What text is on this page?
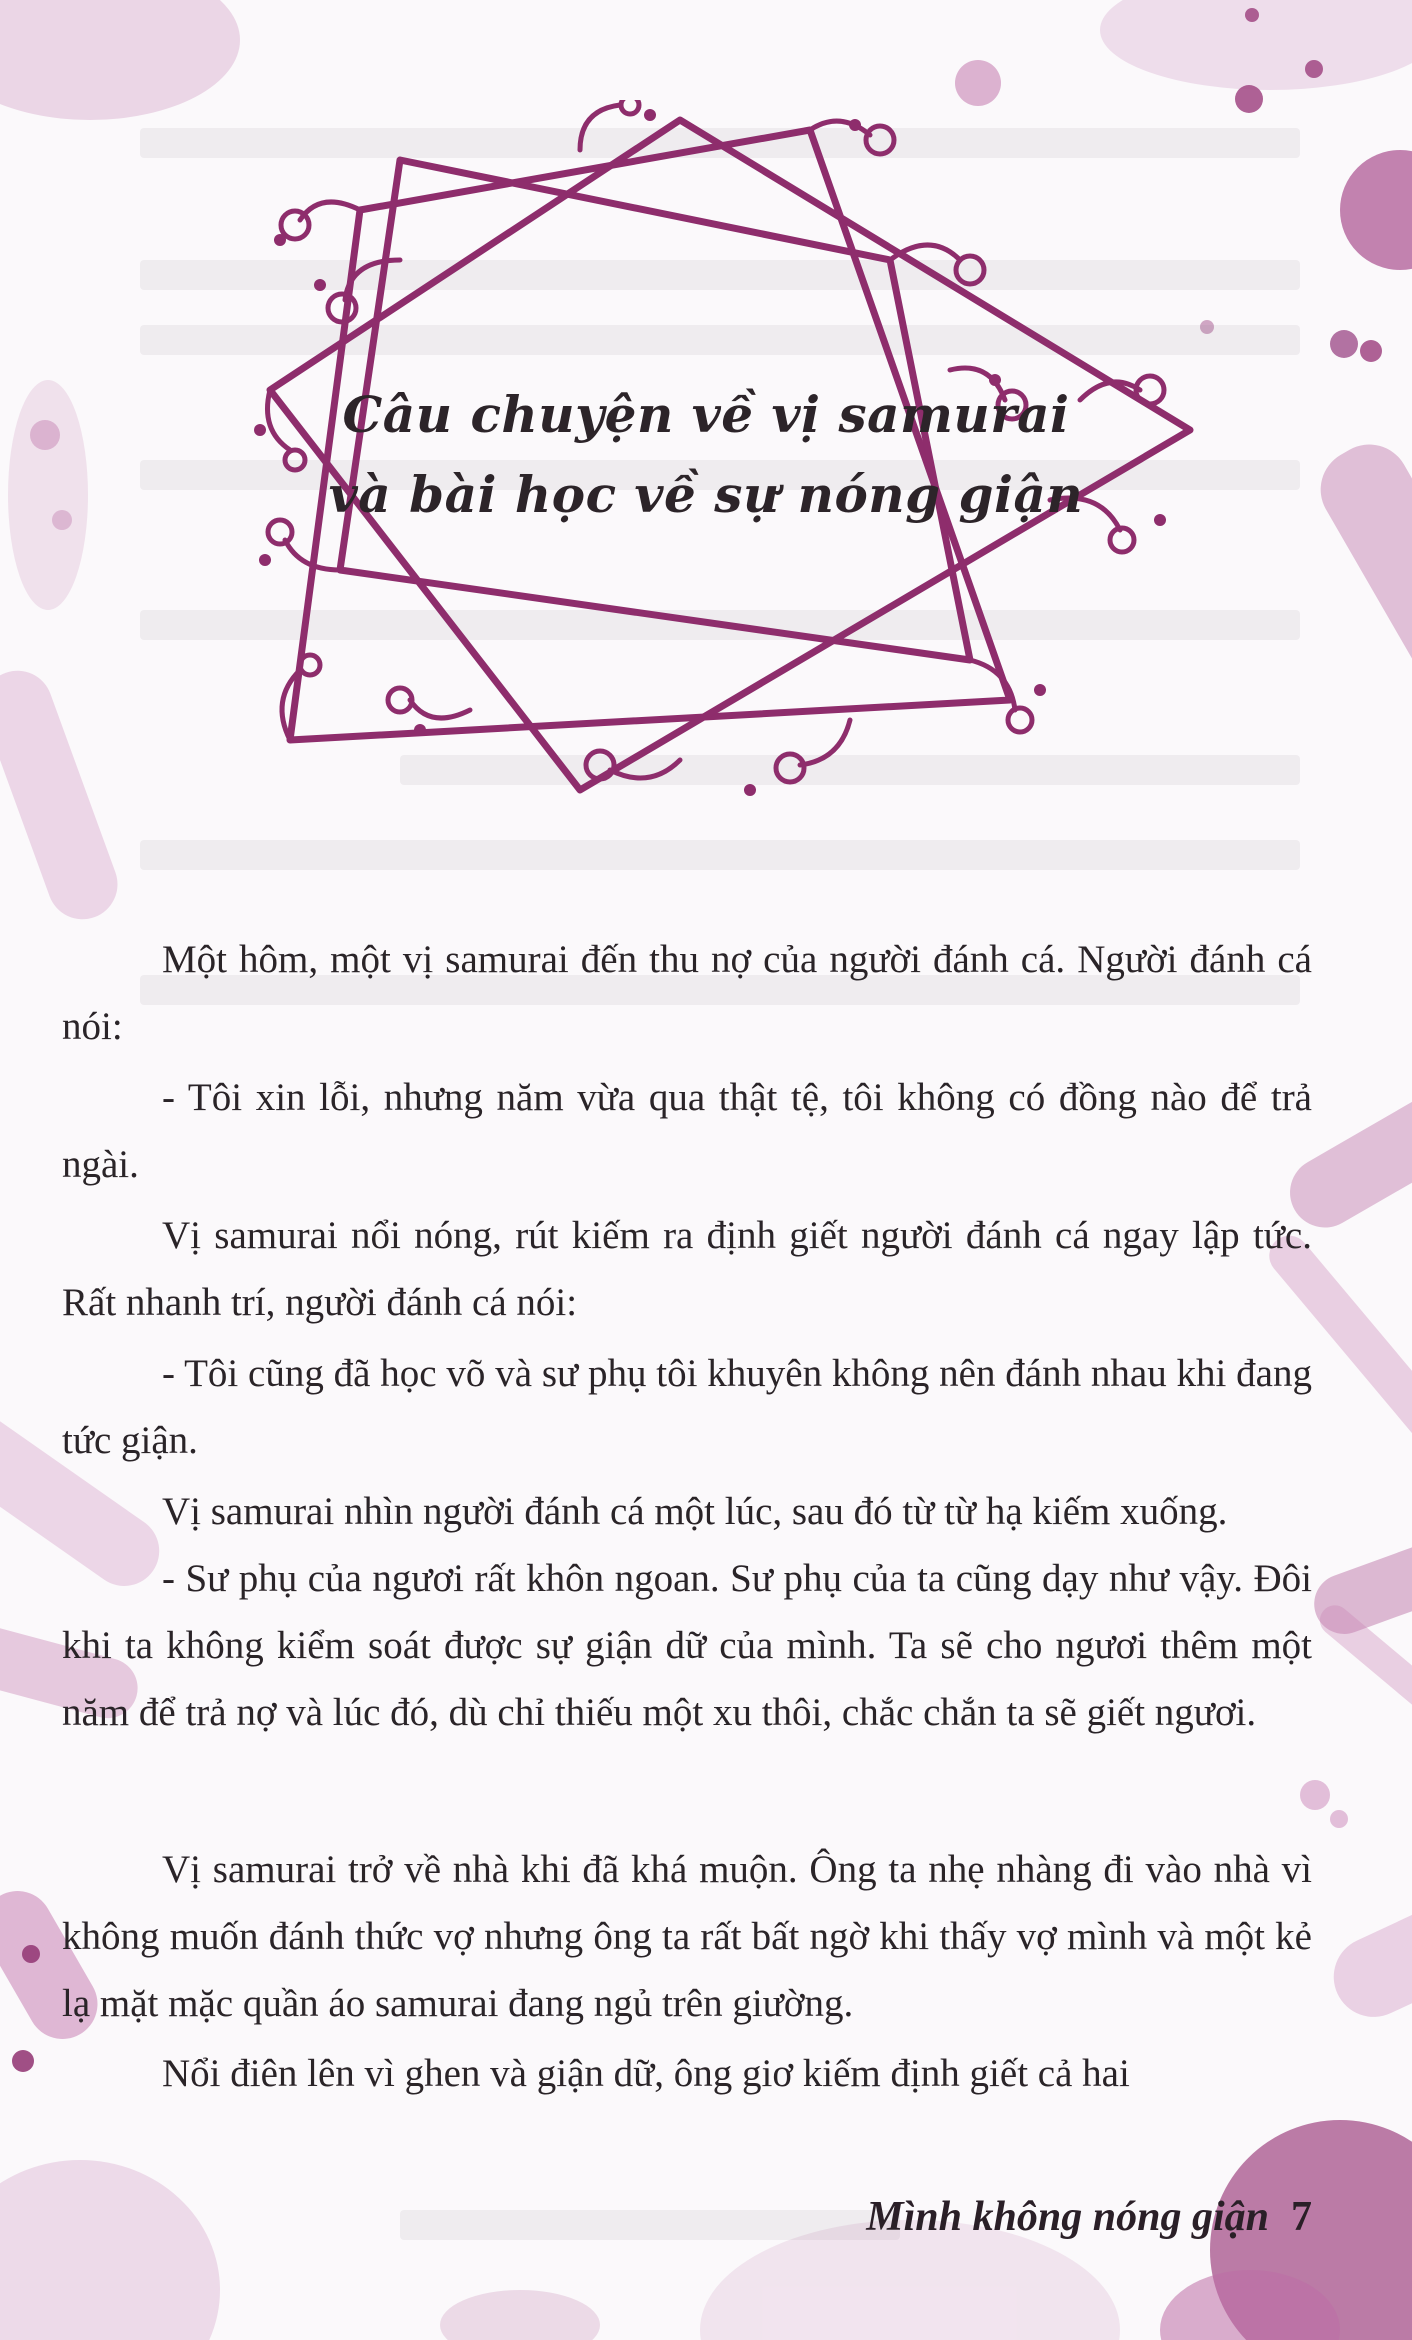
Câu chuyện về vị samurai
và bài học về sự nóng giận

Một hôm, một vị samurai đến thu nợ của người đánh cá. Người đánh cá nói:

- Tôi xin lỗi, nhưng năm vừa qua thật tệ, tôi không có đồng nào để trả ngài.

Vị samurai nổi nóng, rút kiếm ra định giết người đánh cá ngay lập tức. Rất nhanh trí, người đánh cá nói:

- Tôi cũng đã học võ và sư phụ tôi khuyên không nên đánh nhau khi đang tức giận.

Vị samurai nhìn người đánh cá một lúc, sau đó từ từ hạ kiếm xuống.

- Sư phụ của ngươi rất khôn ngoan. Sư phụ của ta cũng dạy như vậy. Đôi khi ta không kiểm soát được sự giận dữ của mình. Ta sẽ cho ngươi thêm một năm để trả nợ và lúc đó, dù chỉ thiếu một xu thôi, chắc chắn ta sẽ giết ngươi.

Vị samurai trở về nhà khi đã khá muộn. Ông ta nhẹ nhàng đi vào nhà vì không muốn đánh thức vợ nhưng ông ta rất bất ngờ khi thấy vợ mình và một kẻ lạ mặt mặc quần áo samurai đang ngủ trên giường.

Nổi điên lên vì ghen và giận dữ, ông giơ kiếm định giết cả hai

Mình không nóng giận 7
